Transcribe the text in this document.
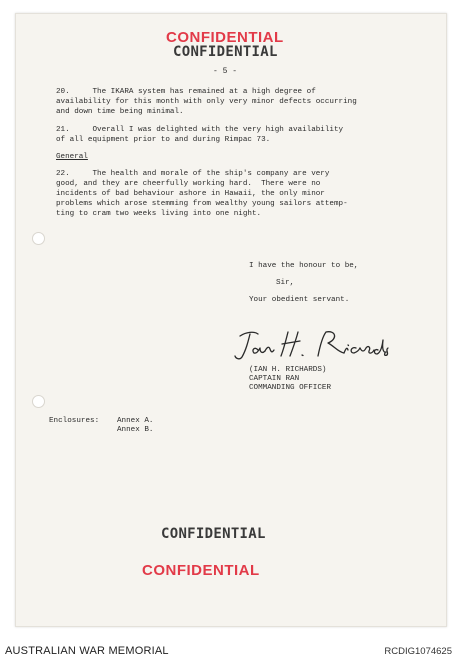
CONFIDENTIAL
CONFIDENTIAL
- 5 -
20.     The IKARA system has remained at a high degree of
availability for this month with only very minor defects occurring
and down time being minimal.
21.     Overall I was delighted with the very high availability
of all equipment prior to and during Rimpac 73.
General
22.     The health and morale of the ship's company are very
good, and they are cheerfully working hard.  There were no
incidents of bad behaviour ashore in Hawaii, the only minor
problems which arose stemming from wealthy young sailors attemp-
ting to cram two weeks living into one night.
I have the honour to be,
Sir,
Your obedient servant.
(IAN H. RICHARDS)
CAPTAIN RAN
COMMANDING OFFICER
Enclosures: Annex A.
Annex B.
CONFIDENTIAL
CONFIDENTIAL
AUSTRALIAN WAR MEMORIAL	RCDIG1074625
